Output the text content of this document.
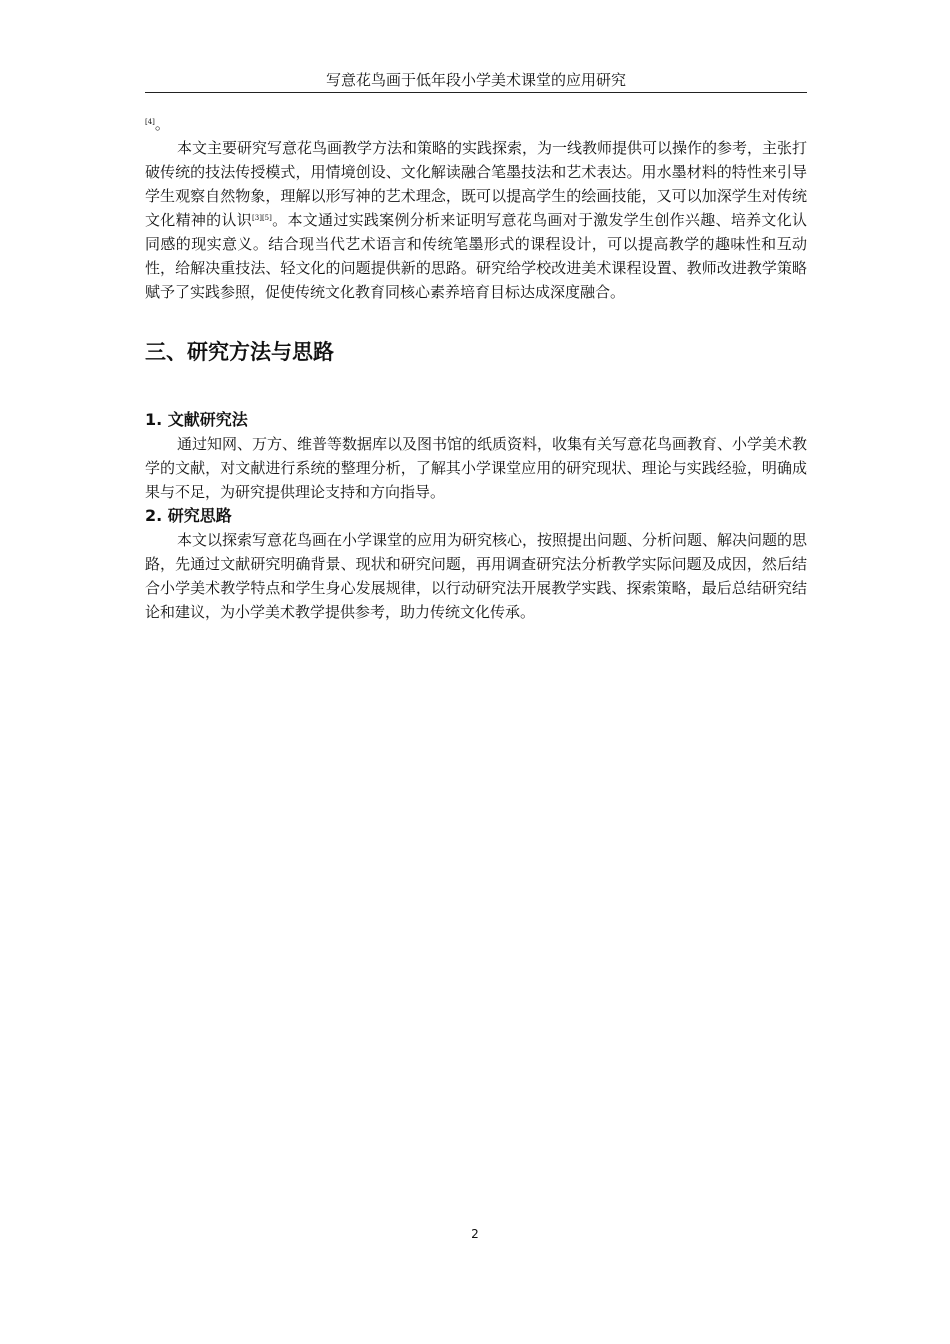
写意花鸟画于低年段小学美术课堂的应用研究

[4]。

本文主要研究写意花鸟画教学方法和策略的实践探索，为一线教师提供可以操作的参考，主张打破传统的技法传授模式，用情境创设、文化解读融合笔墨技法和艺术表达。用水墨材料的特性来引导学生观察自然物象，理解以形写神的艺术理念，既可以提高学生的绘画技能，又可以加深学生对传统文化精神的认识[3][5]。本文通过实践案例分析来证明写意花鸟画对于激发学生创作兴趣、培养文化认同感的现实意义。结合现当代艺术语言和传统笔墨形式的课程设计，可以提高教学的趣味性和互动性，给解决重技法、轻文化的问题提供新的思路。研究给学校改进美术课程设置、教师改进教学策略赋予了实践参照，促使传统文化教育同核心素养培育目标达成深度融合。

三、研究方法与思路
1. 文献研究法

通过知网、万方、维普等数据库以及图书馆的纸质资料，收集有关写意花鸟画教育、小学美术教学的文献，对文献进行系统的整理分析，了解其小学课堂应用的研究现状、理论与实践经验，明确成果与不足，为研究提供理论支持和方向指导。

2. 研究思路

本文以探索写意花鸟画在小学课堂的应用为研究核心，按照提出问题、分析问题、解决问题的思路，先通过文献研究明确背景、现状和研究问题，再用调查研究法分析教学实际问题及成因，然后结合小学美术教学特点和学生身心发展规律，以行动研究法开展教学实践、探索策略，最后总结研究结论和建议，为小学美术教学提供参考，助力传统文化传承。

2
